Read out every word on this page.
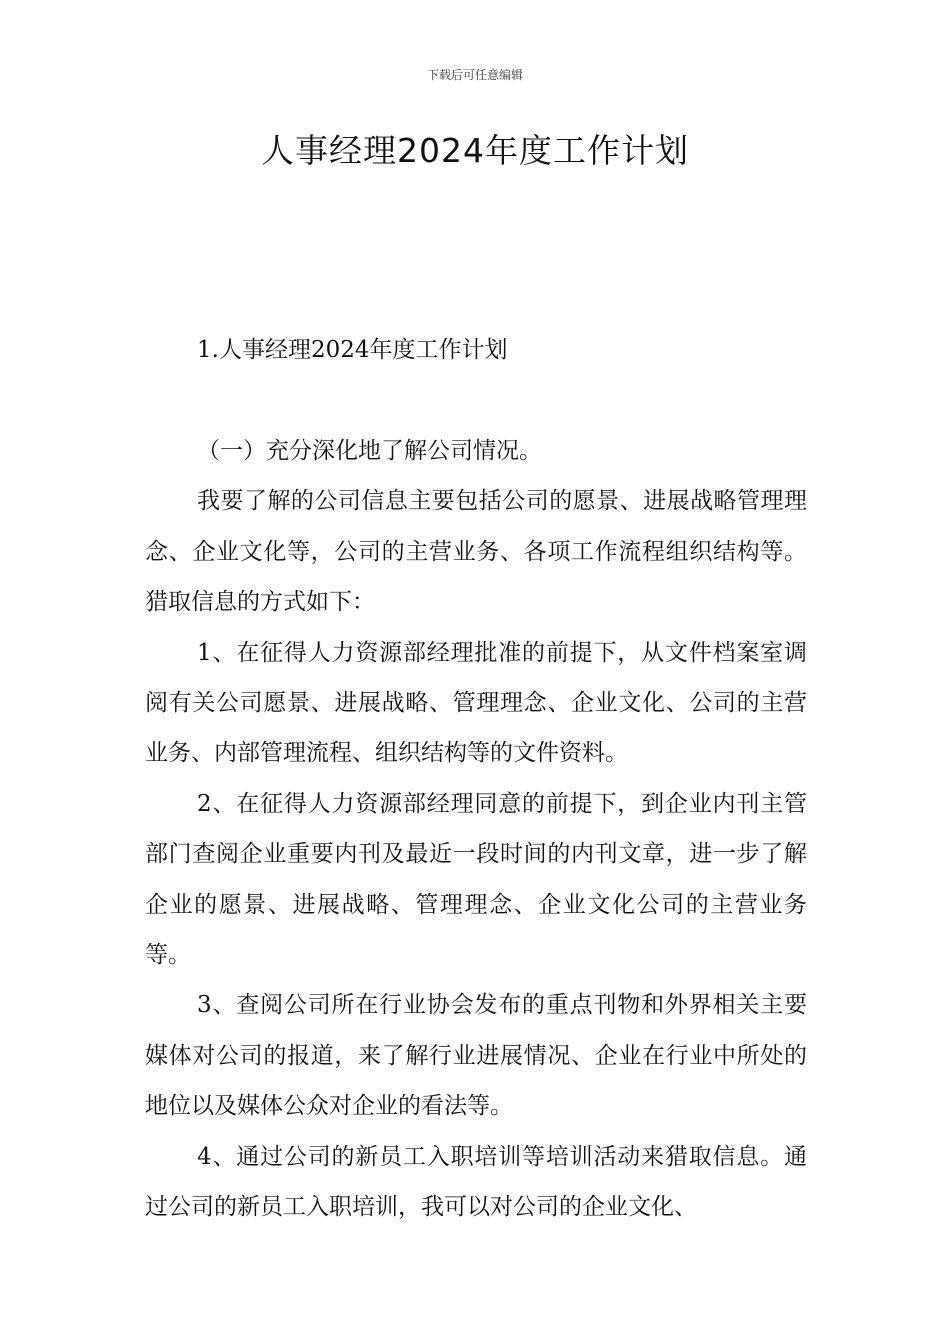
下载后可任意编辑
人事经理2024年度工作计划
1.人事经理2024年度工作计划

（一）充分深化地了解公司情况。

我要了解的公司信息主要包括公司的愿景、进展战略管理理念、企业文化等，公司的主营业务、各项工作流程组织结构等。猎取信息的方式如下：

1、在征得人力资源部经理批准的前提下，从文件档案室调阅有关公司愿景、进展战略、管理理念、企业文化、公司的主营业务、内部管理流程、组织结构等的文件资料。

2、在征得人力资源部经理同意的前提下，到企业内刊主管部门查阅企业重要内刊及最近一段时间的内刊文章，进一步了解企业的愿景、进展战略、管理理念、企业文化公司的主营业务等。

3、查阅公司所在行业协会发布的重点刊物和外界相关主要媒体对公司的报道，来了解行业进展情况、企业在行业中所处的地位以及媒体公众对企业的看法等。

4、通过公司的新员工入职培训等培训活动来猎取信息。通过公司的新员工入职培训，我可以对公司的企业文化、
